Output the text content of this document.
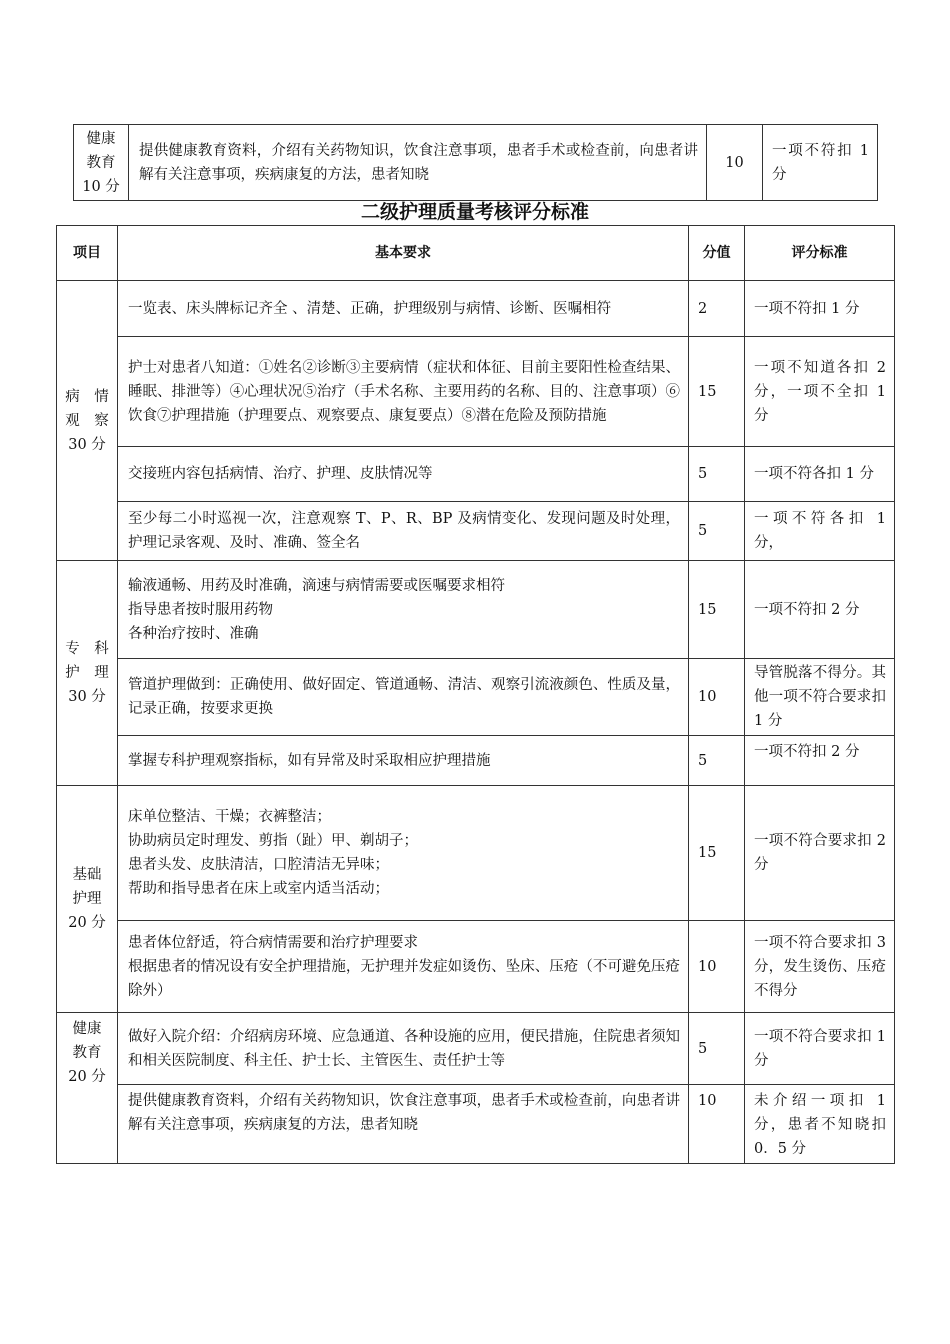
健康
教育
10 分
	提供健康教育资料，介绍有关药物知识，饮食注意事项，患者手术或检查前，向患者讲解有关注意事项，疾病康复的方法，患者知晓	10	一项不符扣 1 分
二级护理质量考核评分标准
项目	基本要求	分值	评分标准

病　情
观　察
30 分	一览表、床头牌标记齐全 、清楚、正确，护理级别与病情、诊断、医嘱相符	2	一项不符扣 1 分
	护士对患者八知道：①姓名②诊断③主要病情（症状和体征、目前主要阳性检查结果、睡眠、排泄等）④心理状况⑤治疗（手术名称、主要用药的名称、目的、注意事项）⑥饮食⑦护理措施（护理要点、观察要点、康复要点）⑧潜在危险及预防措施	15	一项不知道各扣 2 分，一项不全扣 1 分
	交接班内容包括病情、治疗、护理、皮肤情况等	5	一项不符各扣 1 分
	至少每二小时巡视一次，注意观察 T、P、R、BP 及病情变化、发现问题及时处理，护理记录客观、及时、准确、签全名	5	一项不符各扣 1 分，

专　科
护　理
30 分	输液通畅、用药及时准确，滴速与病情需要或医嘱要求相符
指导患者按时服用药物
各种治疗按时、准确	15	一项不符扣 2 分
	管道护理做到：正确使用、做好固定、管道通畅、清洁、观察引流液颜色、性质及量，记录正确，按要求更换	10	导管脱落不得分。其他一项不符合要求扣 1 分
	掌握专科护理观察指标，如有异常及时采取相应护理措施	5	一项不符扣 2 分

基础
护理
20 分	床单位整洁、干燥；衣裤整洁；
协助病员定时理发、剪指（趾）甲、剃胡子；
患者头发、皮肤清洁，口腔清洁无异味；
帮助和指导患者在床上或室内适当活动；	15	一项不符合要求扣 2 分

	患者体位舒适，符合病情需要和治疗护理要求
根据患者的情况设有安全护理措施，无护理并发症如烫伤、坠床、压疮（不可避免压疮除外）	10	一项不符合要求扣 3 分，发生烫伤、压疮不得分

健康
教育
20 分	做好入院介绍：介绍病房环境、应急通道、各种设施的应用，便民措施，住院患者须知和相关医院制度、科主任、护士长、主管医生、责任护士等	5	一项不符合要求扣 1 分
	提供健康教育资料，介绍有关药物知识，饮食注意事项，患者手术或检查前，向患者讲解有关注意事项，疾病康复的方法，患者知晓	10	未介绍一项扣 1 分，患者不知晓扣 0．5 分
